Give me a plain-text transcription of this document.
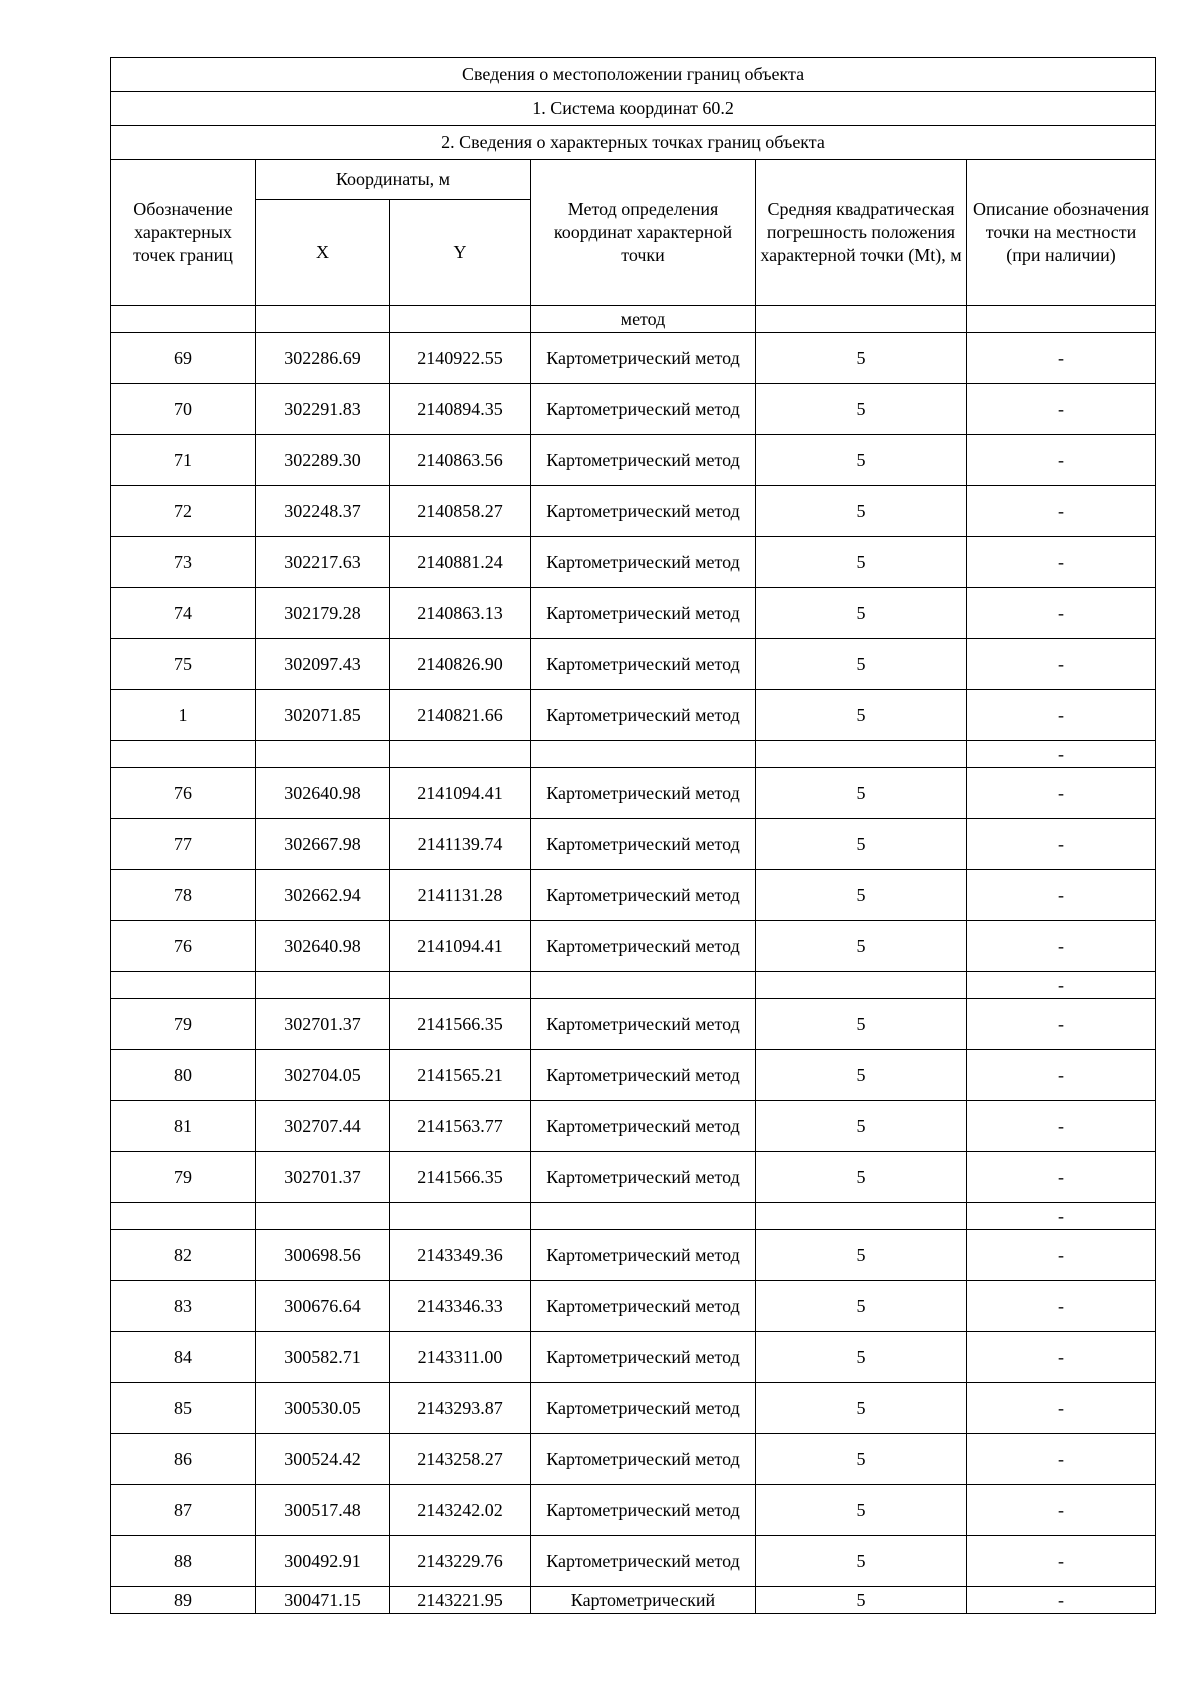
Сведения о местоположении границ объекта					
1. Система координат 60.2					
2. Сведения о характерных точках границ объекта					
Обозначение характерных точек границ	Координаты, м		Метод определения координат характерной точки	Средняя квадратическая погрешность положения характерной точки (Mt), м	Описание обозначения точки на местности (при наличии)
	X	Y			
			метод		
69	302286.69	2140922.55	Картометрический метод	5	-
70	302291.83	2140894.35	Картометрический метод	5	-
71	302289.30	2140863.56	Картометрический метод	5	-
72	302248.37	2140858.27	Картометрический метод	5	-
73	302217.63	2140881.24	Картометрический метод	5	-
74	302179.28	2140863.13	Картометрический метод	5	-
75	302097.43	2140826.90	Картометрический метод	5	-
1	302071.85	2140821.66	Картометрический метод	5	-
					-
76	302640.98	2141094.41	Картометрический метод	5	-
77	302667.98	2141139.74	Картометрический метод	5	-
78	302662.94	2141131.28	Картометрический метод	5	-
76	302640.98	2141094.41	Картометрический метод	5	-
					-
79	302701.37	2141566.35	Картометрический метод	5	-
80	302704.05	2141565.21	Картометрический метод	5	-
81	302707.44	2141563.77	Картометрический метод	5	-
79	302701.37	2141566.35	Картометрический метод	5	-
					-
82	300698.56	2143349.36	Картометрический метод	5	-
83	300676.64	2143346.33	Картометрический метод	5	-
84	300582.71	2143311.00	Картометрический метод	5	-
85	300530.05	2143293.87	Картометрический метод	5	-
86	300524.42	2143258.27	Картометрический метод	5	-
87	300517.48	2143242.02	Картометрический метод	5	-
88	300492.91	2143229.76	Картометрический метод	5	-
89	300471.15	2143221.95	Картометрический	5	-
